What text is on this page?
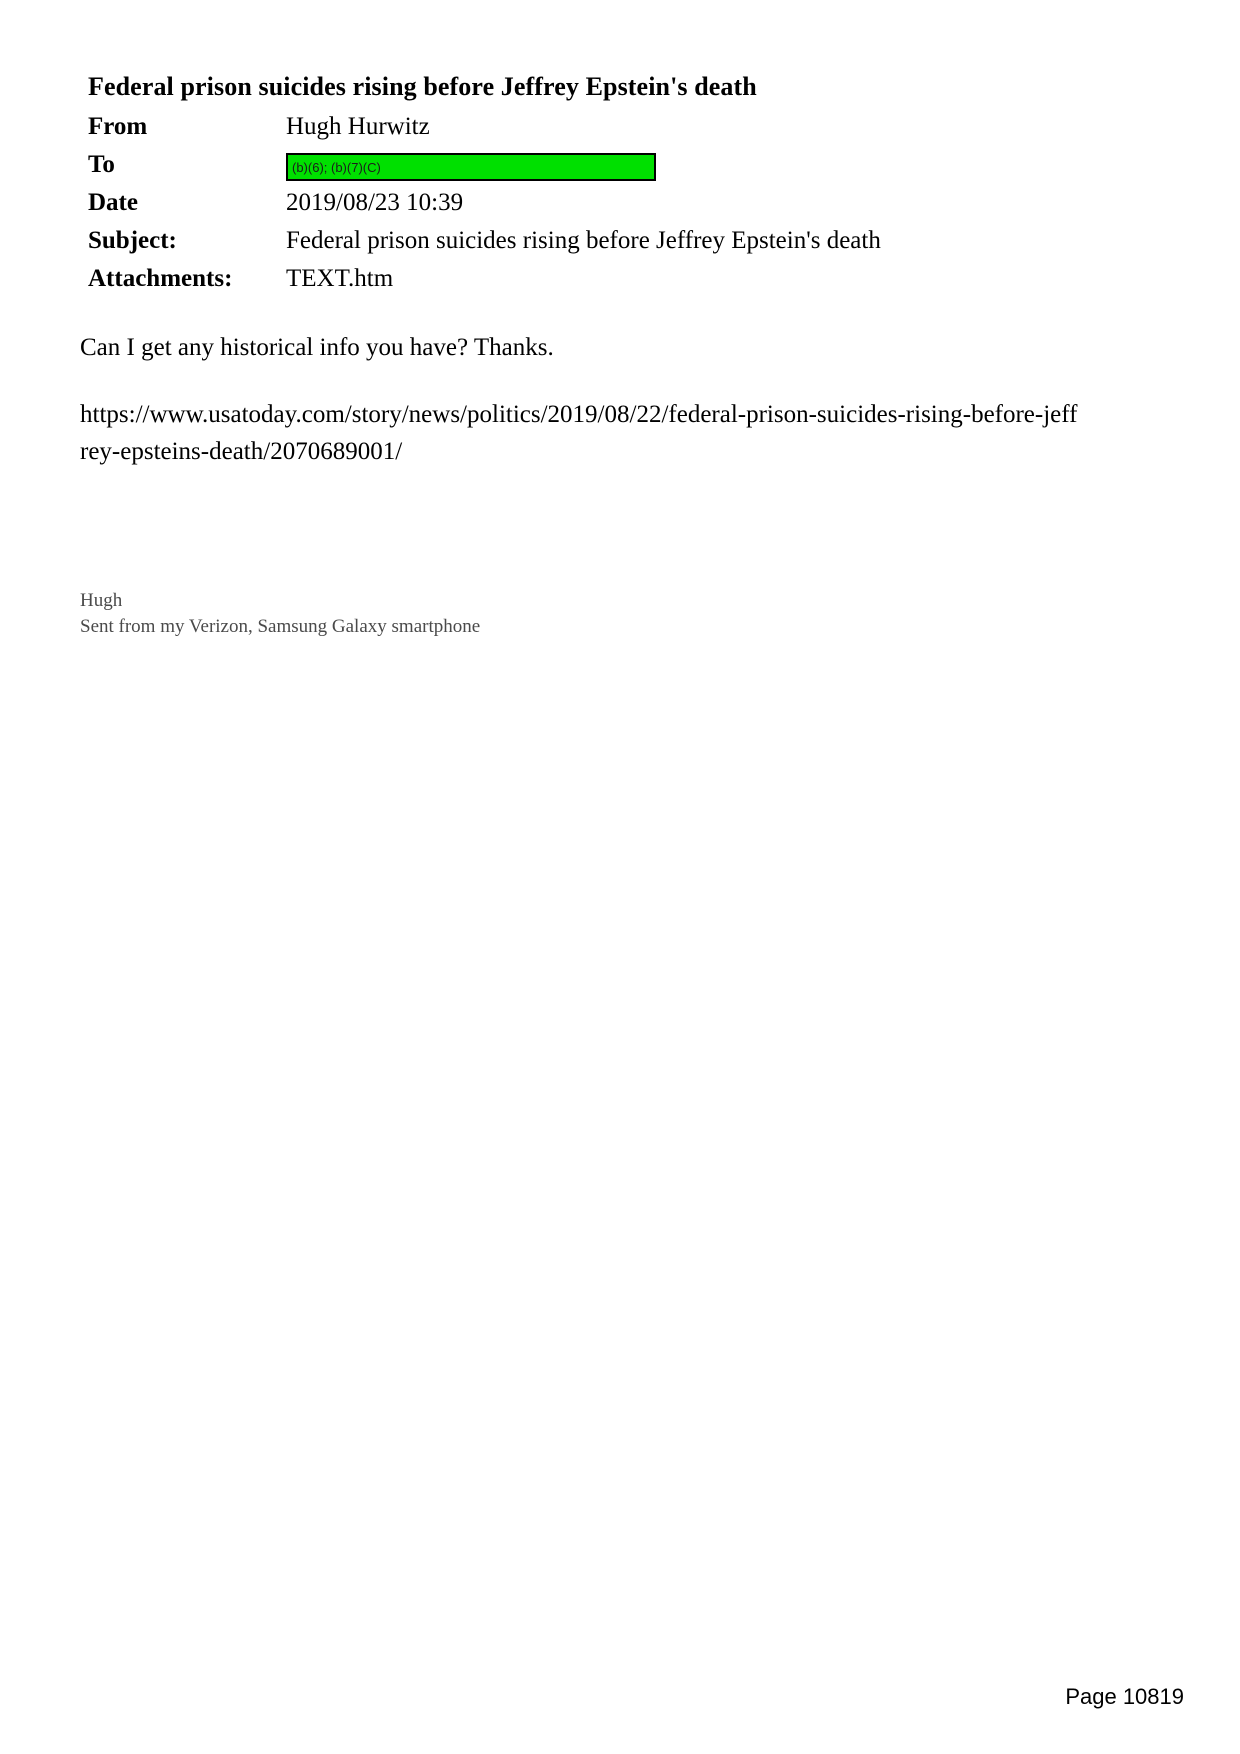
Federal prison suicides rising before Jeffrey Epstein's death
From	Hugh Hurwitz
To	(b)(6); (b)(7)(C)
Date	2019/08/23 10:39
Subject:	Federal prison suicides rising before Jeffrey Epstein's death
Attachments:	TEXT.htm
Can I get any historical info you have? Thanks.
https://www.usatoday.com/story/news/politics/2019/08/22/federal-prison-suicides-rising-before-jeffrey-epsteins-death/2070689001/
Hugh
Sent from my Verizon, Samsung Galaxy smartphone
Page 10819
